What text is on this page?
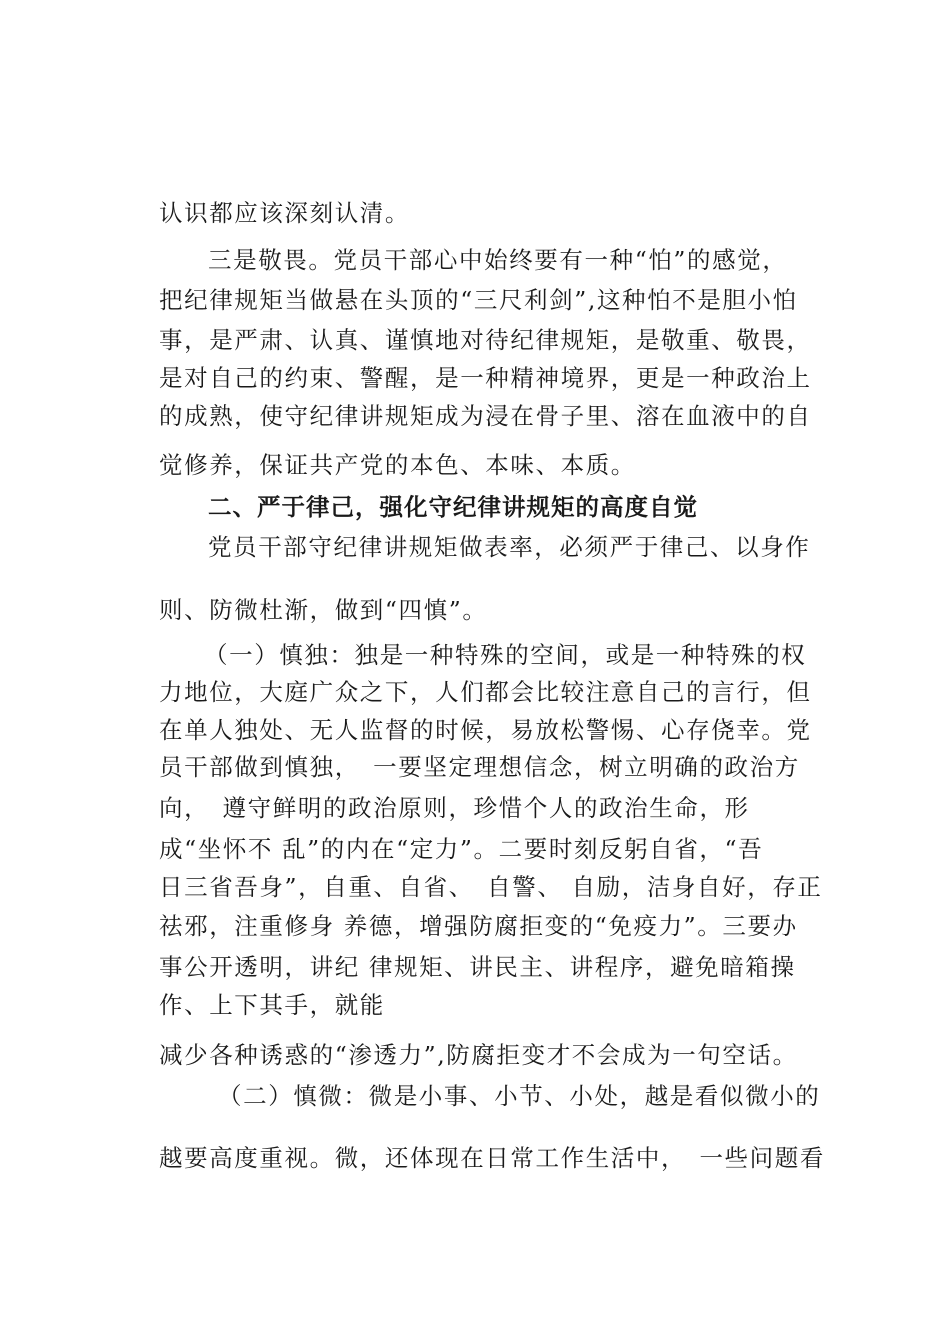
认识都应该深刻认清。
三是敬畏。党员干部心中始终要有一种“怕”的感觉，
把纪律规矩当做悬在头顶的“三尺利剑”,这种怕不是胆小怕
事，是严肃、认真、谨慎地对待纪律规矩，是敬重、敬畏，
是对自己的约束、警醒，是一种精神境界，更是一种政治上
的成熟，使守纪律讲规矩成为浸在骨子里、溶在血液中的自
觉修养，保证共产党的本色、本味、本质。
二、严于律己，强化守纪律讲规矩的高度自觉
党员干部守纪律讲规矩做表率，必须严于律己、以身作
则、防微杜渐，做到“四慎”。
（一）慎独：独是一种特殊的空间，或是一种特殊的权
力地位，大庭广众之下，人们都会比较注意自己的言行，但
在单人独处、无人监督的时候，易放松警惕、心存侥幸。党
员干部做到慎独，　一要坚定理想信念，树立明确的政治方
向，　遵守鲜明的政治原则，珍惜个人的政治生命，形
成“坐怀不 乱”的内在“定力”。二要时刻反躬自省，“吾
日三省吾身”，自重、自省、　自警、 自励，洁身自好，存正
祛邪，注重修身 养德，增强防腐拒变的“免疫力”。三要办
事公开透明，讲纪 律规矩、讲民主、讲程序，避免暗箱操
作、上下其手，就能
减少各种诱惑的“渗透力”,防腐拒变才不会成为一句空话。
（二）慎微：微是小事、小节、小处，越是看似微小的
越要高度重视。微，还体现在日常工作生活中，　一些问题看
